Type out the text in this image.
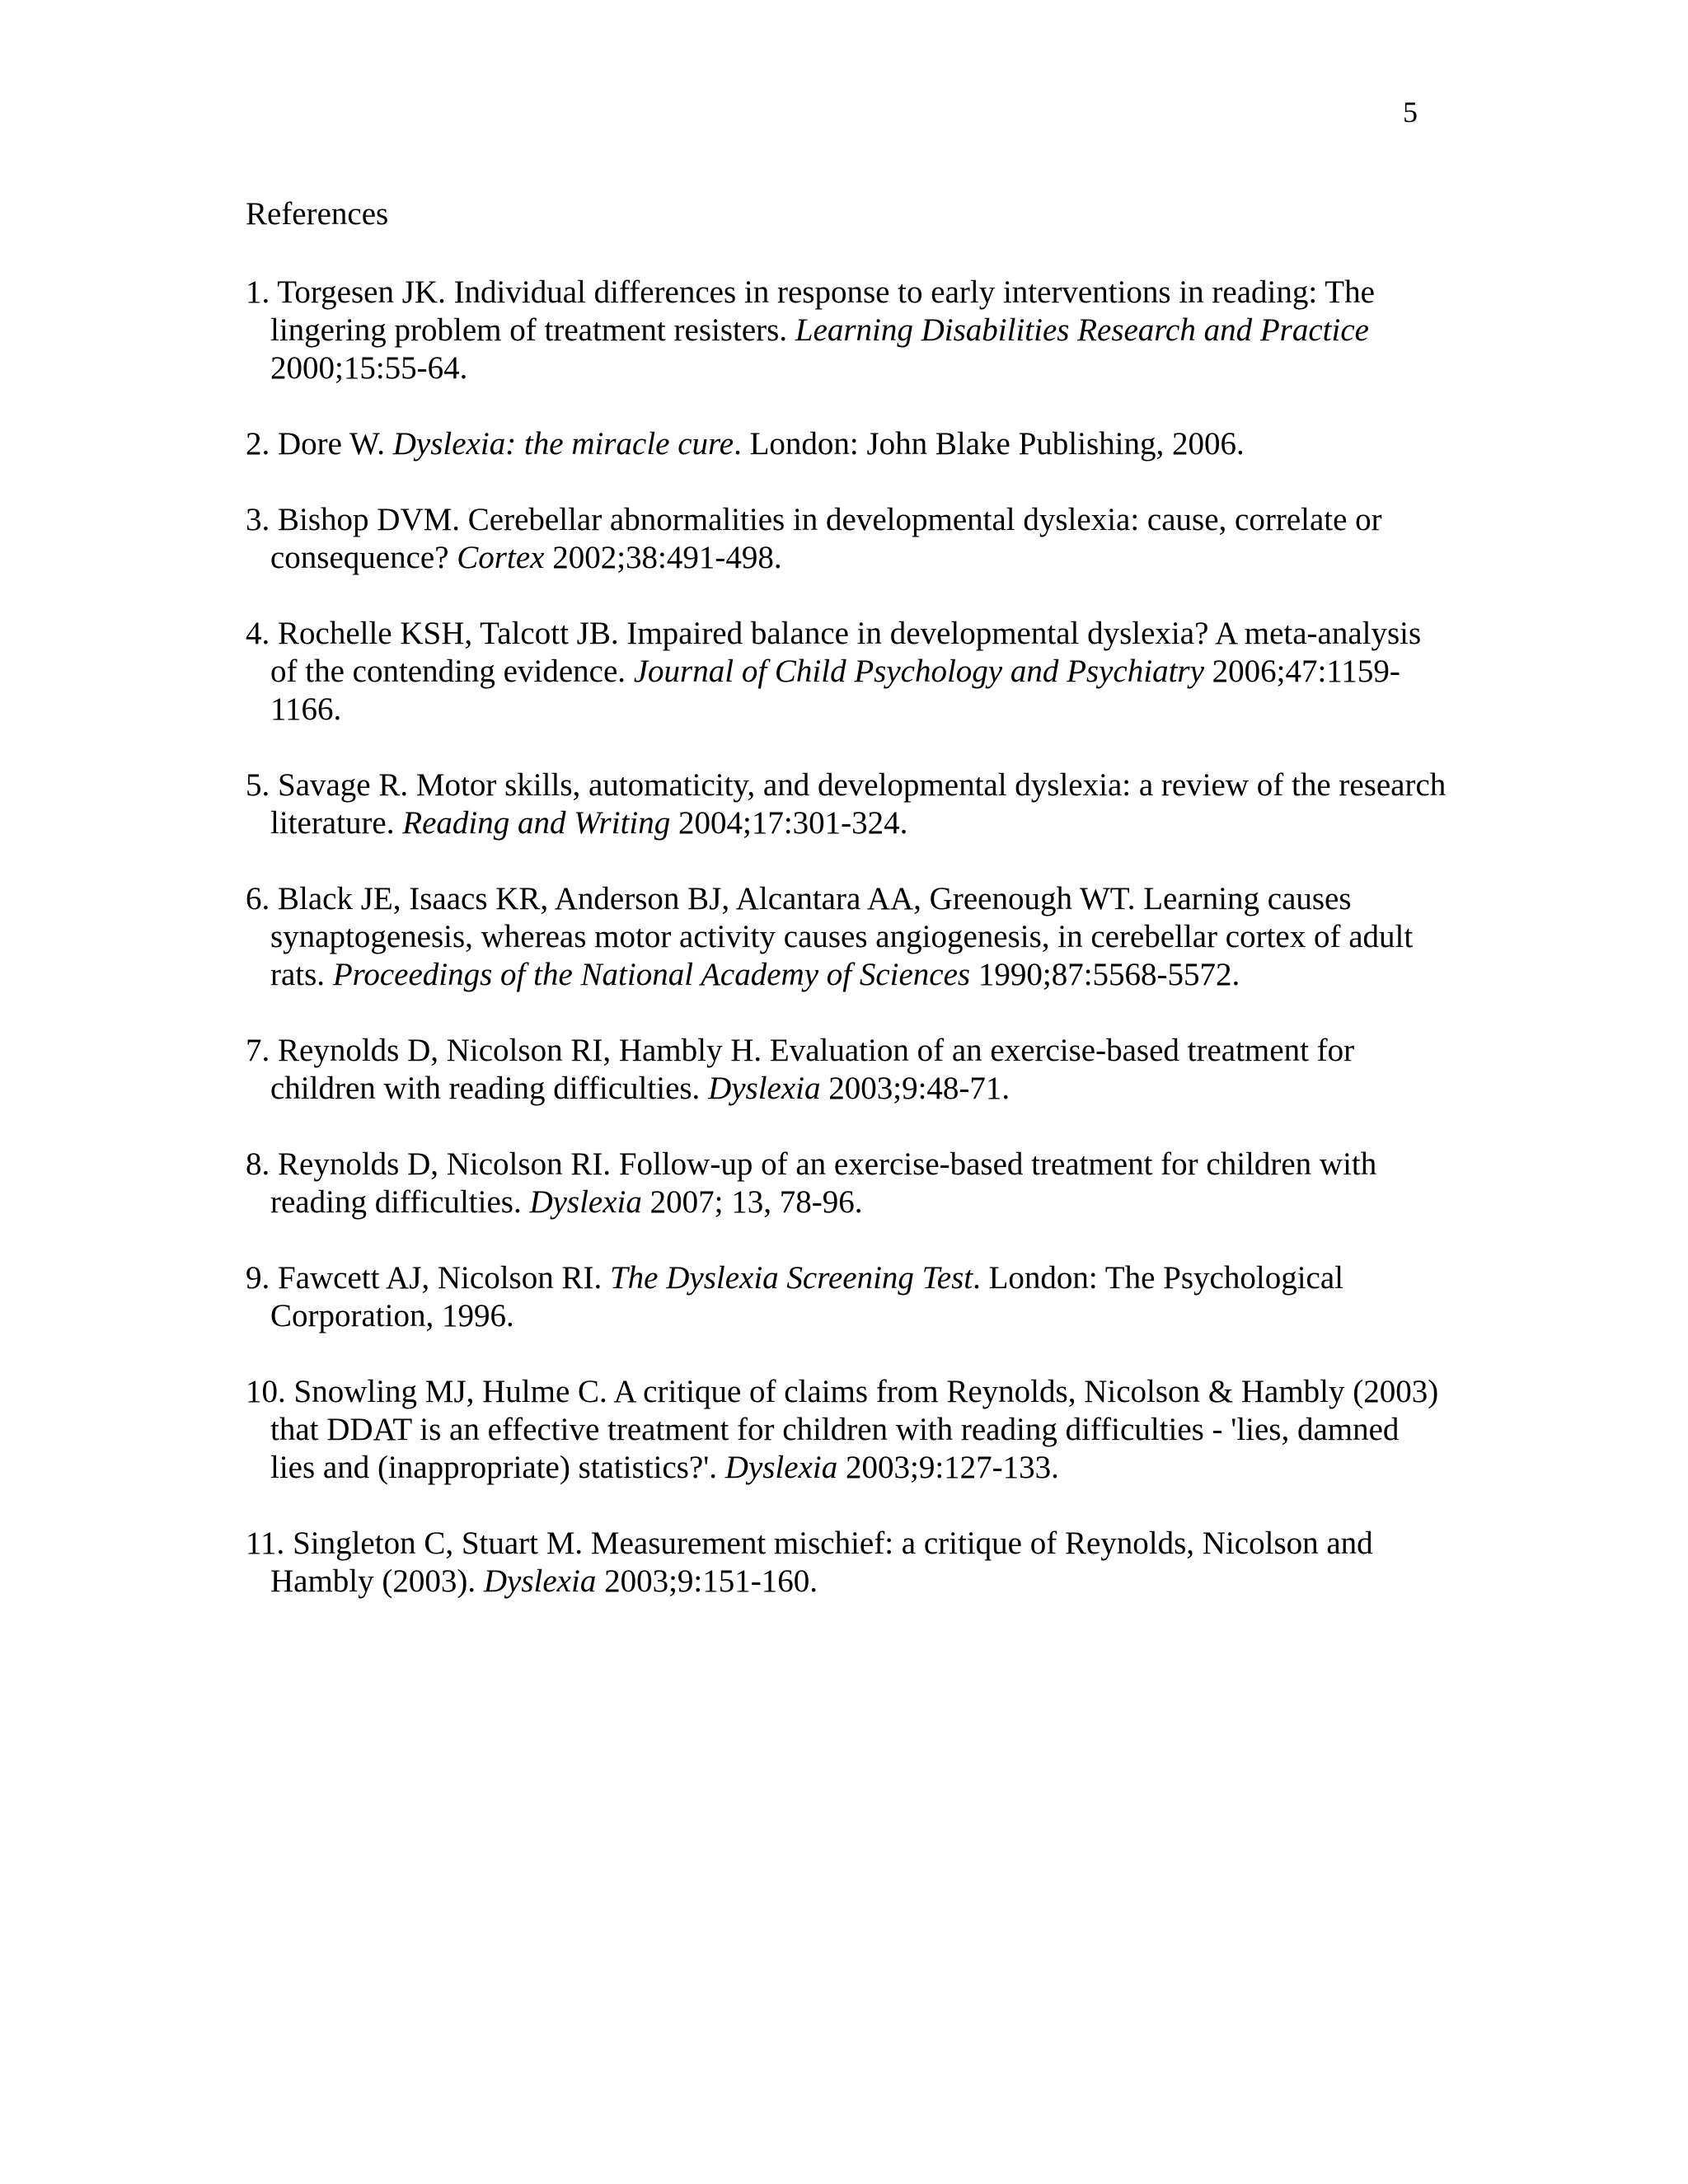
5
References
1. Torgesen JK. Individual differences in response to early interventions in reading: The lingering problem of treatment resisters. Learning Disabilities Research and Practice 2000;15:55-64.
2. Dore W. Dyslexia: the miracle cure. London: John Blake Publishing, 2006.
3. Bishop DVM. Cerebellar abnormalities in developmental dyslexia: cause, correlate or consequence? Cortex 2002;38:491-498.
4. Rochelle KSH, Talcott JB. Impaired balance in developmental dyslexia? A meta-analysis of the contending evidence. Journal of Child Psychology and Psychiatry 2006;47:1159-1166.
5. Savage R. Motor skills, automaticity, and developmental dyslexia: a review of the research literature. Reading and Writing 2004;17:301-324.
6. Black JE, Isaacs KR, Anderson BJ, Alcantara AA, Greenough WT. Learning causes synaptogenesis, whereas motor activity causes angiogenesis, in cerebellar cortex of adult rats. Proceedings of the National Academy of Sciences 1990;87:5568-5572.
7. Reynolds D, Nicolson RI, Hambly H. Evaluation of an exercise-based treatment for children with reading difficulties. Dyslexia 2003;9:48-71.
8. Reynolds D, Nicolson RI. Follow-up of an exercise-based treatment for children with reading difficulties. Dyslexia 2007; 13, 78-96.
9. Fawcett AJ, Nicolson RI. The Dyslexia Screening Test. London: The Psychological Corporation, 1996.
10. Snowling MJ, Hulme C. A critique of claims from Reynolds, Nicolson & Hambly (2003) that DDAT is an effective treatment for children with reading difficulties - 'lies, damned lies and (inappropriate) statistics?'. Dyslexia 2003;9:127-133.
11. Singleton C, Stuart M. Measurement mischief: a critique of Reynolds, Nicolson and Hambly (2003). Dyslexia 2003;9:151-160.
